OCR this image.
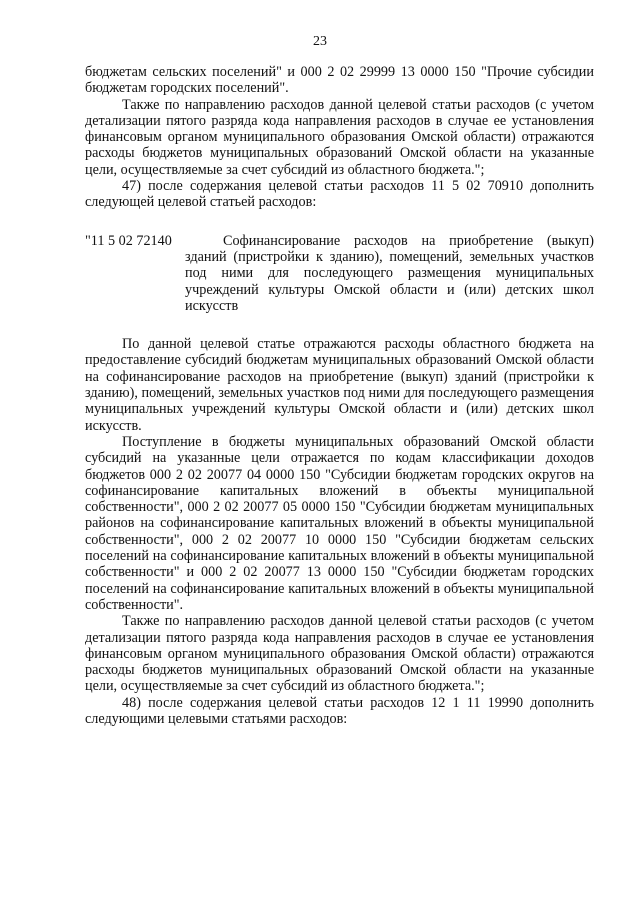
23

бюджетам сельских поселений" и 000 2 02 29999 13 0000 150 "Прочие субсидии бюджетам городских поселений".

Также по направлению расходов данной целевой статьи расходов (с учетом детализации пятого разряда кода направления расходов в случае ее установления финансовым органом муниципального образования Омской области) отражаются расходы бюджетов муниципальных образований Омской области на указанные цели, осуществляемые за счет субсидий из областного бюджета.";

47) после содержания целевой статьи расходов 11 5 02 70910 дополнить следующей целевой статьей расходов:

"11 5 02 72140	Софинансирование расходов на приобретение (выкуп) зданий (пристройки к зданию), помещений, земельных участков под ними для последующего размещения муниципальных учреждений культуры Омской области и (или) детских школ искусств

По данной целевой статье отражаются расходы областного бюджета на предоставление субсидий бюджетам муниципальных образований Омской области на софинансирование расходов на приобретение (выкуп) зданий (пристройки к зданию), помещений, земельных участков под ними для последующего размещения муниципальных учреждений культуры Омской области и (или) детских школ искусств.

Поступление в бюджеты муниципальных образований Омской области субсидий на указанные цели отражается по кодам классификации доходов бюджетов 000 2 02 20077 04 0000 150 "Субсидии бюджетам городских округов на софинансирование капитальных вложений в объекты муниципальной собственности", 000 2 02 20077 05 0000 150 "Субсидии бюджетам муниципальных районов на софинансирование капитальных вложений в объекты муниципальной собственности", 000 2 02 20077 10 0000 150 "Субсидии бюджетам сельских поселений на софинансирование капитальных вложений в объекты муниципальной собственности" и 000 2 02 20077 13 0000 150 "Субсидии бюджетам городских поселений на софинансирование капитальных вложений в объекты муниципальной собственности".

Также по направлению расходов данной целевой статьи расходов (с учетом детализации пятого разряда кода направления расходов в случае ее установления финансовым органом муниципального образования Омской области) отражаются расходы бюджетов муниципальных образований Омской области на указанные цели, осуществляемые за счет субсидий из областного бюджета.";

48) после содержания целевой статьи расходов 12 1 11 19990 дополнить следующими целевыми статьями расходов:
